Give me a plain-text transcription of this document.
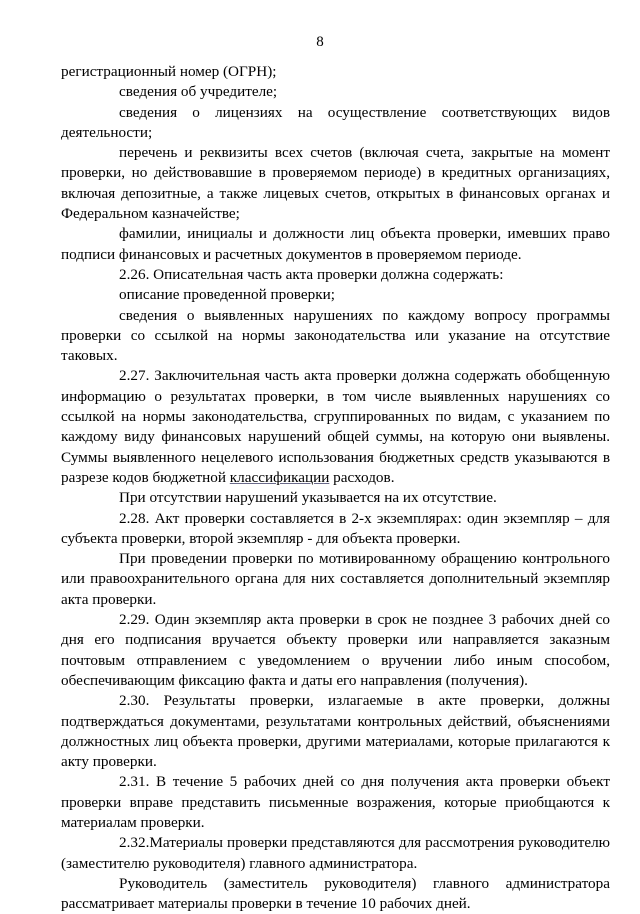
8

регистрационный номер (ОГРН);

сведения об учредителе;

сведения о лицензиях на осуществление соответствующих видов деятельности;

перечень и реквизиты всех счетов (включая счета, закрытые на момент проверки, но действовавшие в проверяемом периоде) в кредитных организациях, включая депозитные, а также лицевых счетов, открытых в финансовых органах и Федеральном казначействе;

фамилии, инициалы и должности лиц объекта проверки, имевших право подписи финансовых и расчетных документов в проверяемом периоде.

2.26. Описательная часть акта проверки должна содержать:

описание проведенной проверки;

сведения о выявленных нарушениях по каждому вопросу программы проверки со ссылкой на нормы законодательства или указание на отсутствие таковых.

2.27. Заключительная часть акта проверки должна содержать обобщенную информацию о результатах проверки, в том числе выявленных нарушениях со ссылкой на нормы законодательства, сгруппированных по видам, с указанием по каждому виду финансовых нарушений общей суммы, на которую они выявлены. Суммы выявленного нецелевого использования бюджетных средств указываются в разрезе кодов бюджетной классификации расходов.

При отсутствии нарушений указывается на их отсутствие.

2.28. Акт проверки составляется в 2-х экземплярах: один экземпляр – для субъекта проверки, второй экземпляр - для объекта проверки.

При проведении проверки по мотивированному обращению контрольного или правоохранительного органа для них составляется дополнительный экземпляр акта проверки.

2.29. Один экземпляр акта проверки в срок не позднее 3 рабочих дней со дня его подписания вручается объекту проверки или направляется заказным почтовым отправлением с уведомлением о вручении либо иным способом, обеспечивающим фиксацию факта и даты его направления (получения).

2.30. Результаты проверки, излагаемые в акте проверки, должны подтверждаться документами, результатами контрольных действий, объяснениями должностных лиц объекта проверки, другими материалами, которые прилагаются к акту проверки.

2.31. В течение 5 рабочих дней со дня получения акта проверки объект проверки вправе представить письменные возражения, которые приобщаются к материалам проверки.

2.32.Материалы проверки представляются для рассмотрения руководителю (заместителю руководителя) главного администратора.

Руководитель (заместитель руководителя) главного администратора рассматривает материалы проверки в течение 10 рабочих дней.
